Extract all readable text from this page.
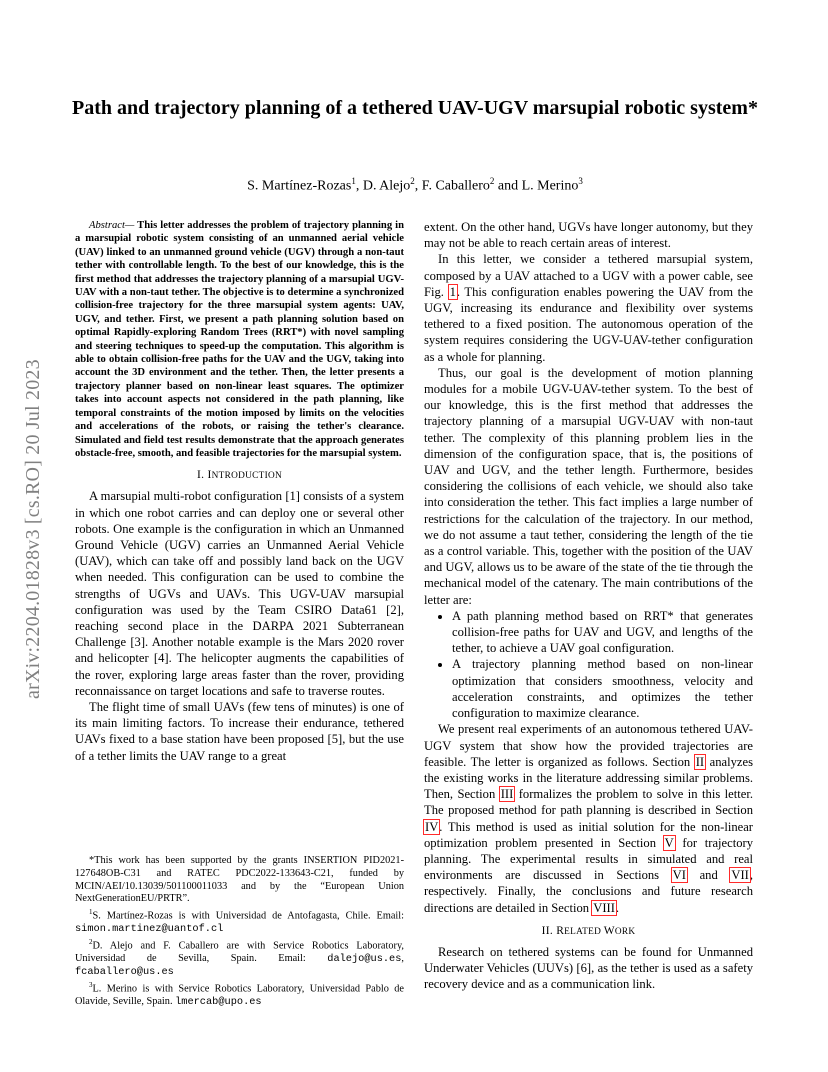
arXiv:2204.01828v3 [cs.RO] 20 Jul 2023
Path and trajectory planning of a tethered UAV-UGV marsupial robotic system*
S. Martínez-Rozas$^1$, D. Alejo$^2$, F. Caballero$^2$ and L. Merino$^3$

Abstract— This letter addresses the problem of trajectory planning in a marsupial robotic system consisting of an unmanned aerial vehicle (UAV) linked to an unmanned ground vehicle (UGV) through a non-taut tether with controllable length. To the best of our knowledge, this is the first method that addresses the trajectory planning of a marsupial UGV-UAV with a non-taut tether. The objective is to determine a synchronized collision-free trajectory for the three marsupial system agents: UAV, UGV, and tether. First, we present a path planning solution based on optimal Rapidly-exploring Random Trees (RRT*) with novel sampling and steering techniques to speed-up the computation. This algorithm is able to obtain collision-free paths for the UAV and the UGV, taking into account the 3D environment and the tether. Then, the letter presents a trajectory planner based on non-linear least squares. The optimizer takes into account aspects not considered in the path planning, like temporal constraints of the motion imposed by limits on the velocities and accelerations of the robots, or raising the tether's clearance. Simulated and field test results demonstrate that the approach generates obstacle-free, smooth, and feasible trajectories for the marsupial system.

I. INTRODUCTION

A marsupial multi-robot configuration [1] consists of a system in which one robot carries and can deploy one or several other robots. One example is the configuration in which an Unmanned Ground Vehicle (UGV) carries an Unmanned Aerial Vehicle (UAV), which can take off and possibly land back on the UGV when needed. This configuration can be used to combine the strengths of UGVs and UAVs. This UGV-UAV marsupial configuration was used by the Team CSIRO Data61 [2], reaching second place in the DARPA 2021 Subterranean Challenge [3]. Another notable example is the Mars 2020 rover and helicopter [4]. The helicopter augments the capabilities of the rover, exploring large areas faster than the rover, providing reconnaissance on target locations and safe to traverse routes.

The flight time of small UAVs (few tens of minutes) is one of its main limiting factors. To increase their endurance, tethered UAVs fixed to a base station have been proposed [5], but the use of a tether limits the UAV range to a great

*This work has been supported by the grants INSERTION PID2021-127648OB-C31 and RATEC PDC2022-133643-C21, funded by MCIN/AEI/10.13039/501100011033 and by the “European Union NextGenerationEU/PRTR”.

$^1$S. Martínez-Rozas is with Universidad de Antofagasta, Chile. Email: simon.martinez@uantof.cl

$^2$D. Alejo and F. Caballero are with Service Robotics Laboratory, Universidad de Sevilla, Spain. Email: dalejo@us.es, fcaballero@us.es

$^3$L. Merino is with Service Robotics Laboratory, Universidad Pablo de Olavide, Seville, Spain. lmercab@upo.es

extent. On the other hand, UGVs have longer autonomy, but they may not be able to reach certain areas of interest.

In this letter, we consider a tethered marsupial system, composed by a UAV attached to a UGV with a power cable, see Fig. 1. This configuration enables powering the UAV from the UGV, increasing its endurance and flexibility over systems tethered to a fixed position. The autonomous operation of the system requires considering the UGV-UAV-tether configuration as a whole for planning.

Thus, our goal is the development of motion planning modules for a mobile UGV-UAV-tether system. To the best of our knowledge, this is the first method that addresses the trajectory planning of a marsupial UGV-UAV with non-taut tether. The complexity of this planning problem lies in the dimension of the configuration space, that is, the positions of UAV and UGV, and the tether length. Furthermore, besides considering the collisions of each vehicle, we should also take into consideration the tether. This fact implies a large number of restrictions for the calculation of the trajectory. In our method, we do not assume a taut tether, considering the length of the tie as a control variable. This, together with the position of the UAV and UGV, allows us to be aware of the state of the tie through the mechanical model of the catenary. The main contributions of the letter are:

• A path planning method based on RRT* that generates collision-free paths for UAV and UGV, and lengths of the tether, to achieve a UAV goal configuration.
• A trajectory planning method based on non-linear optimization that considers smoothness, velocity and acceleration constraints, and optimizes the tether configuration to maximize clearance.

We present real experiments of an autonomous tethered UAV-UGV system that show how the provided trajectories are feasible. The letter is organized as follows. Section II analyzes the existing works in the literature addressing similar problems. Then, Section III formalizes the problem to solve in this letter. The proposed method for path planning is described in Section IV. This method is used as initial solution for the non-linear optimization problem presented in Section V for trajectory planning. The experimental results in simulated and real environments are discussed in Sections VI and VII, respectively. Finally, the conclusions and future research directions are detailed in Section VIII.

II. RELATED WORK

Research on tethered systems can be found for Unmanned Underwater Vehicles (UUVs) [6], as the tether is used as a safety recovery device and as a communication link.
